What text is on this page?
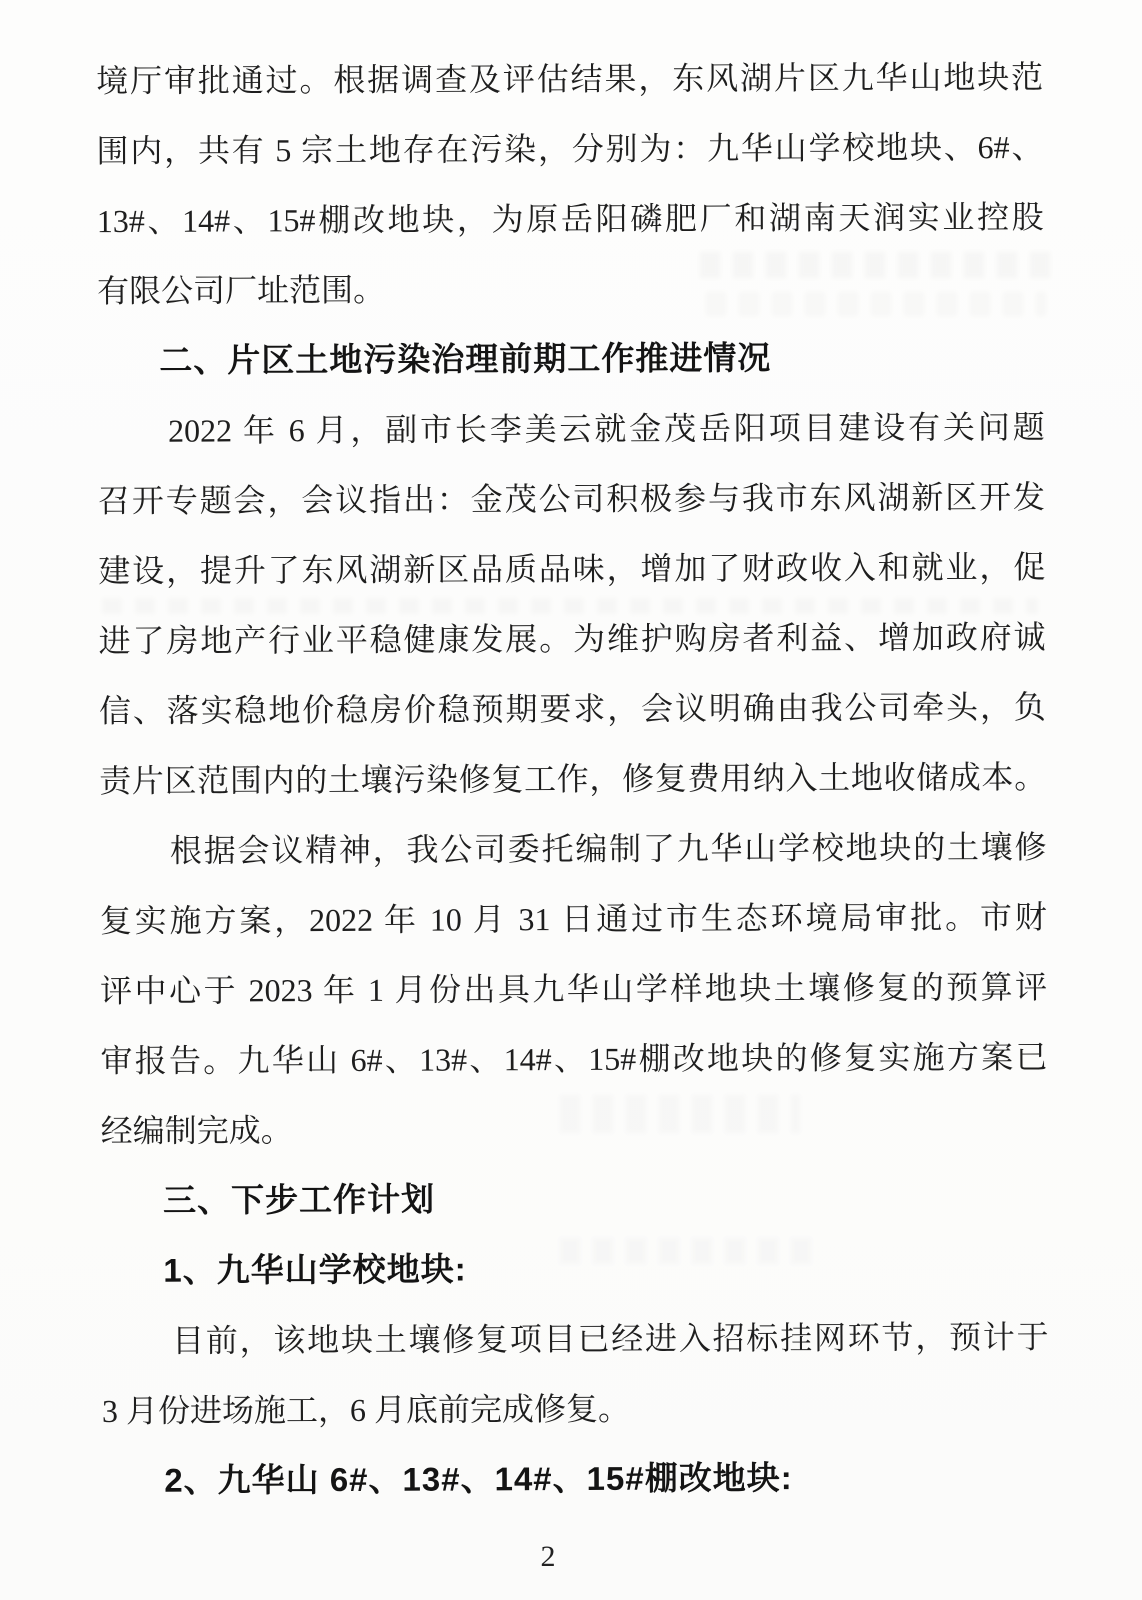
境厅审批通过。根据调查及评估结果，东风湖片区九华山地块范
围内，共有 5 宗土地存在污染，分别为：九华山学校地块、6#、
13#、14#、15#棚改地块，为原岳阳磷肥厂和湖南天润实业控股
有限公司厂址范围。
二、片区土地污染治理前期工作推进情况
2022 年 6 月，副市长李美云就金茂岳阳项目建设有关问题
召开专题会，会议指出：金茂公司积极参与我市东风湖新区开发
建设，提升了东风湖新区品质品味，增加了财政收入和就业，促
进了房地产行业平稳健康发展。为维护购房者利益、增加政府诚
信、落实稳地价稳房价稳预期要求，会议明确由我公司牵头，负
责片区范围内的土壤污染修复工作，修复费用纳入土地收储成本。
根据会议精神，我公司委托编制了九华山学校地块的土壤修
复实施方案，2022 年 10 月 31 日通过市生态环境局审批。市财
评中心于 2023 年 1 月份出具九华山学样地块土壤修复的预算评
审报告。九华山 6#、13#、14#、15#棚改地块的修复实施方案已
经编制完成。
三、下步工作计划
1、九华山学校地块:
目前，该地块土壤修复项目已经进入招标挂网环节，预计于
3 月份进场施工，6 月底前完成修复。
2、九华山 6#、13#、14#、15#棚改地块:
2
